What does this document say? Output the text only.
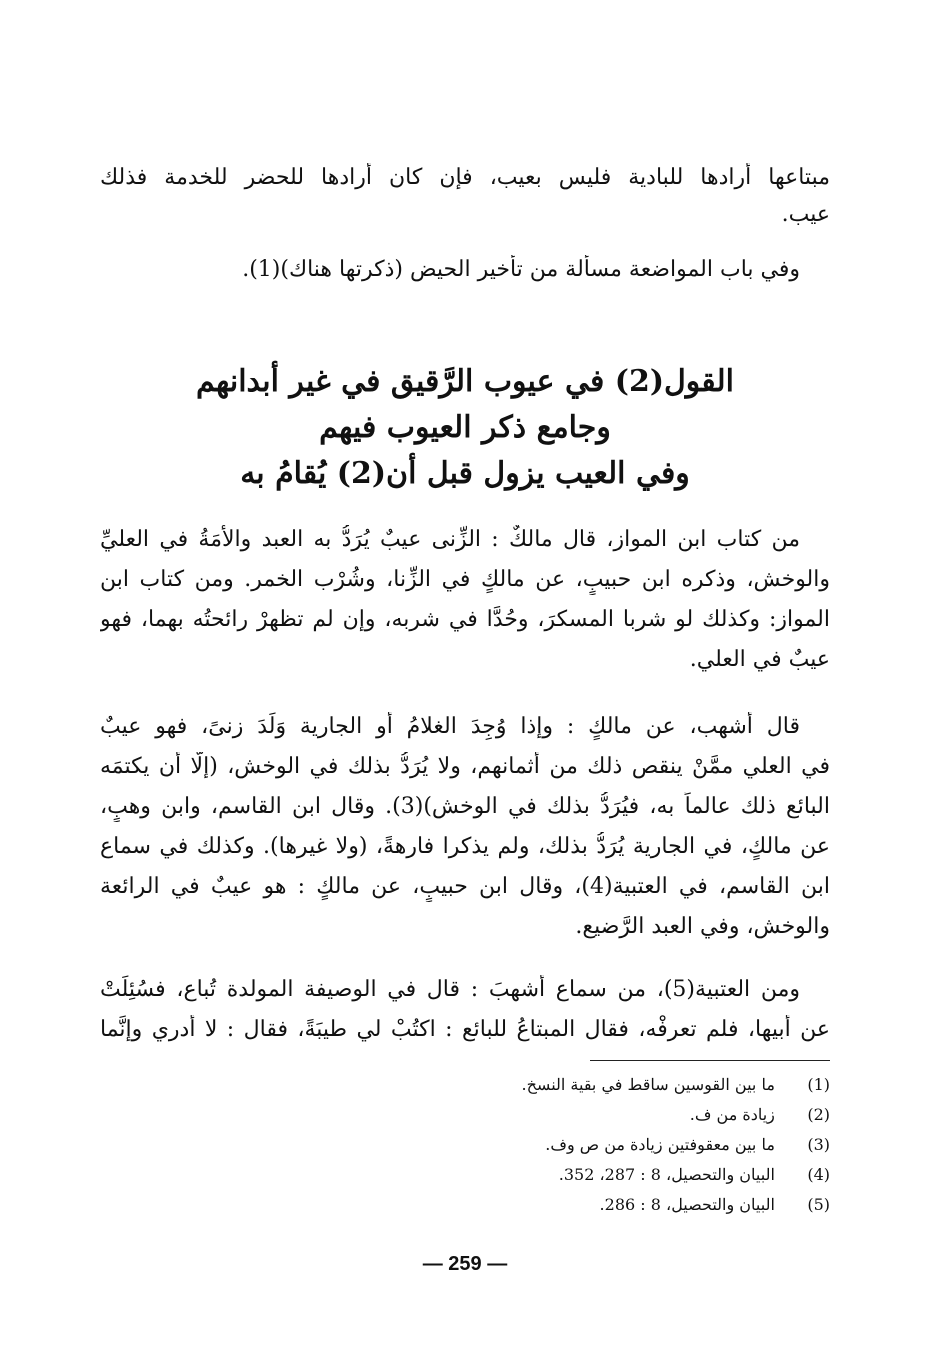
مبتاعها أرادها للبادية فليس بعيب، فإن كان أرادها للحضر للخدمة فذلك
عيب.
وفي باب المواضعة مسألة من تأخير الحيض (ذكرتها هناك)(1).
القول(2) في عيوب الرَّقيق في غير أبدانهم
وجامع ذكر العيوب فيهم
وفي العيب يزول قبل أن(2) يُقامُ به
من كتاب ابن المواز، قال مالكٌ : الزِّنى عيبٌ يُرَدُّ به العبد والأمَةُ في العليِّ
والوخش، وذكره ابن حبيبٍ، عن مالكٍ في الزِّنا، وشُرْب الخمر. ومن كتاب ابن
المواز: وكذلك لو شربا المسكرَ، وحُدَّا في شربه، وإن لم تظهرْ رائحتُه بهما، فهو
عيبٌ في العلي.
قال أشهب، عن مالكٍ : وإذا وُجِدَ الغلامُ أو الجارية وَلَدَ زنىً، فهو عيبٌ
في العلي ممَّنْ ينقص ذلك من أثمانهم، ولا يُرَدُّ بذلك في الوخش، (إلّا أن يكتمَه
البائع ذلك عالماً به، فيُرَدُّ بذلك في الوخش)(3). وقال ابن القاسم، وابن وهبٍ،
عن مالكٍ، في الجارية يُرَدُّ بذلك، ولم يذكرا فارهةً، (ولا غيرها). وكذلك في سماع
ابن القاسم، في العتبية(4)، وقال ابن حبيبٍ، عن مالكٍ : هو عيبٌ في الرائعة
والوخش، وفي العبد الرَّضيع.
ومن العتبية(5)، من سماع أشهبَ : قال في الوصيفة المولدة تُباع، فسُئِلَتْ
عن أبيها، فلم تعرفْه، فقال المبتاعُ للبائع : اكتُبْ لي طيبَةً، فقال : لا أدري وإنَّما
(1) ما بين القوسين ساقط في بقية النسخ.
(2) زيادة من ف.
(3) ما بين معقوفتين زيادة من ص وف.
(4) البيان والتحصيل، 8 : 287، 352.
(5) البيان والتحصيل، 8 : 286.
— 259 —
